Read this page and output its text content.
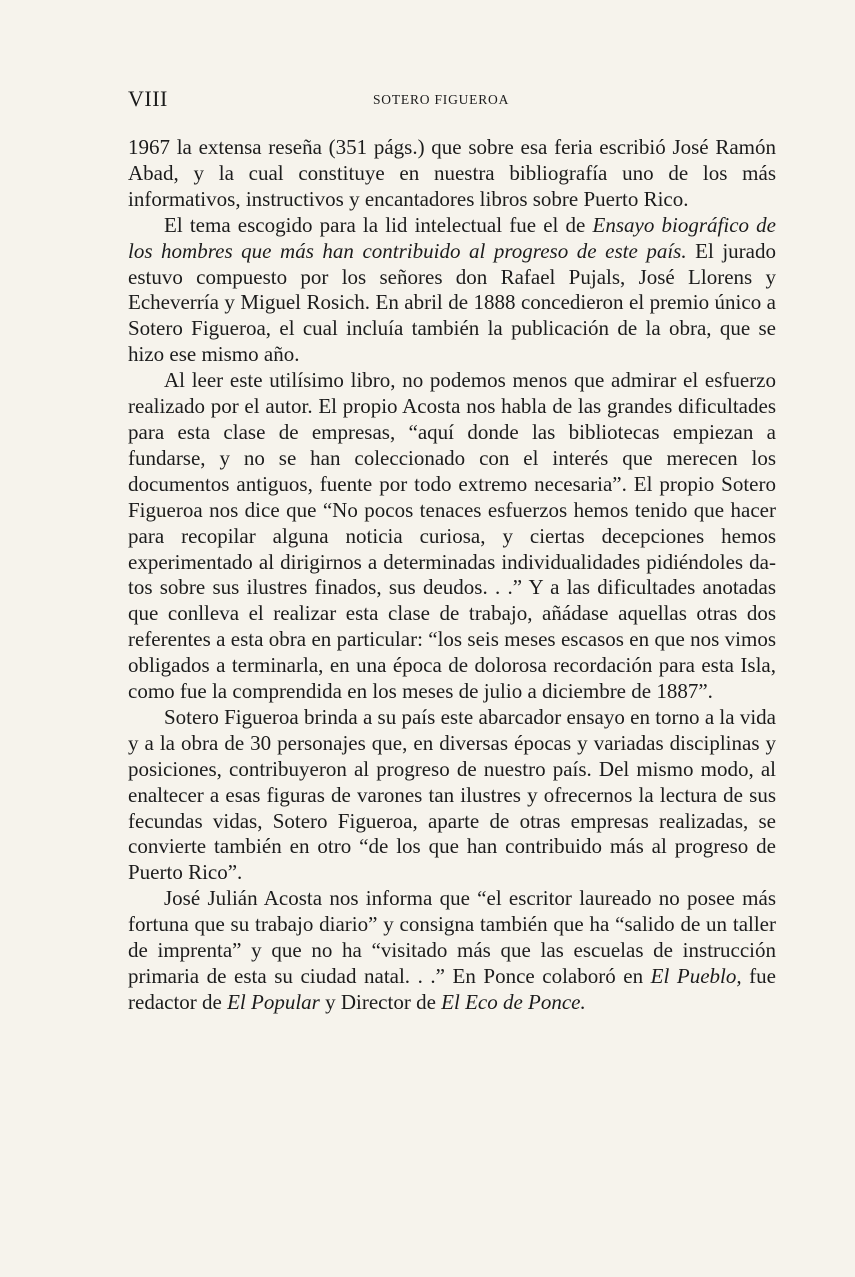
VIII	SOTERO FIGUEROA

1967 la extensa reseña (351 págs.) que sobre esa feria escribió José Ramón Abad, y la cual constituye en nuestra bibliografía uno de los más informativos, instructivos y encantadores libros sobre Puerto Rico.

El tema escogido para la lid intelectual fue el de Ensayo biográfico de los hombres que más han contribuido al progreso de este país. El jurado estuvo compuesto por los señores don Rafael Pujals, José Llorens y Echeverría y Miguel Rosich. En abril de 1888 concedieron el premio único a Sotero Figueroa, el cual incluía también la publicación de la obra, que se hizo ese mismo año.

Al leer este utilísimo libro, no podemos menos que admirar el esfuerzo realizado por el autor. El propio Acosta nos habla de las grandes dificultades para esta clase de empresas, “aquí donde las bibliotecas empiezan a fundarse, y no se han coleccionado con el interés que merecen los documentos antiguos, fuente por todo extremo necesaria”. El propio Sotero Figueroa nos dice que “No pocos tenaces esfuerzos hemos tenido que hacer para recopilar alguna noticia curiosa, y ciertas decepciones hemos experimentado al dirigirnos a determinadas individualidades pidiéndoles datos sobre sus ilustres finados, sus deudos. . .” Y a las dificultades anotadas que conlleva el realizar esta clase de trabajo, añádase aquellas otras dos referentes a esta obra en particular: “los seis meses escasos en que nos vimos obligados a terminarla, en una época de dolorosa recordación para esta Isla, como fue la comprendida en los meses de julio a diciembre de 1887”.

Sotero Figueroa brinda a su país este abarcador ensayo en torno a la vida y a la obra de 30 personajes que, en diversas épocas y variadas disciplinas y posiciones, contribuyeron al progreso de nuestro país. Del mismo modo, al enaltecer a esas figuras de varones tan ilustres y ofrecernos la lectura de sus fecundas vidas, Sotero Figueroa, aparte de otras empresas realizadas, se convierte también en otro “de los que han contribuido más al progreso de Puerto Rico”.

José Julián Acosta nos informa que “el escritor laureado no posee más fortuna que su trabajo diario” y consigna también que ha “salido de un taller de imprenta” y que no ha “visitado más que las escuelas de instrucción primaria de esta su ciudad natal. . .” En Ponce colaboró en El Pueblo, fue redactor de El Popular y Director de El Eco de Ponce.
